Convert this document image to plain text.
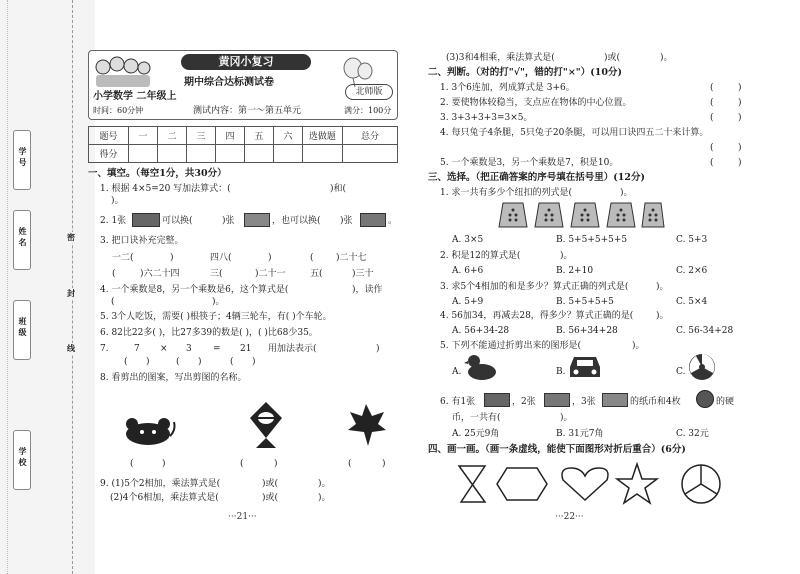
学号
姓名
班级
学校
密
封
线
黄冈小复习
期中综合达标测试卷
小学数学 二年级上	北师版
时间：60分钟	测试内容：第一～第五单元	满分：100分
题号	一	二	三	四	五	六	选做题	总分
得分								
一、填空。（每空1分，共30分）
1. 根据 4×5=20 写加法算式：(	)和(
)。
2. 1张	可以换(	)张	，也可以换( )张	。
3. 把口诀补充完整。
一二(	)	四八(	)	( )二十七
(	)六二十四	三(	)二十一	五(	)三十
4. 一个乘数是8，另一个乘数是6，这个算式是(	)，读作
(	)。
5. 3个人吃饭，需要( )根筷子；4辆三轮车，有( )个车轮。
6. 82比22多( )，比27多39的数是( )，( )比68少35。
7.	7 × 3 = 21 用加法表示(	)
( )	( )	( )
8. 看剪出的图案，写出剪图的名称。
(	)	(	)	(	)
9. (1)5个2相加，乘法算式是(	)或(	)。
(2)4个6相加，乘法算式是(	)或(	)。
···21···
(3)3和4相乘，乘法算式是(	)或(	)。
二、判断。（对的打"√"，错的打"×"）(10分)
1. 3个6连加，列成算式是 3+6。
2. 要使物体较稳当，支点应在物体的中心位置。
3. 3+3+3+3=3×5。
4. 每只兔子4条腿，5只兔子20条腿，可以用口诀四五二十来计算。
5. 一个乘数是3，另一个乘数是7，积是10。
(	)
(	)
(	)
(	)
(	)
三、选择。（把正确答案的序号填在括号里）(12分)
1. 求一共有多少个纽扣的列式是(	)。
A. 3×5	B. 5+5+5+5+5	C. 5+3
2. 积是12的算式是(	)。
A. 6+6	B. 2+10	C. 2×6
3. 求5个4相加的和是多少？算式正确的列式是(	)。
A. 5+9	B. 5+5+5+5	C. 5×4
4. 56加34，再减去28，得多少？算式正确的是(	)。
A. 56+34-28	B. 56+34+28	C. 56-34+28
5. 下列不能通过折剪出来的图形是(	)。
A.	B.	C.
6. 有1张	，2张	，3张	的纸币和4枚	的硬
币，一共有(	)。
A. 25元9角	B. 31元7角	C. 32元
四、画一画。（画一条虚线，能使下面图形对折后重合）(6分)
···22···
